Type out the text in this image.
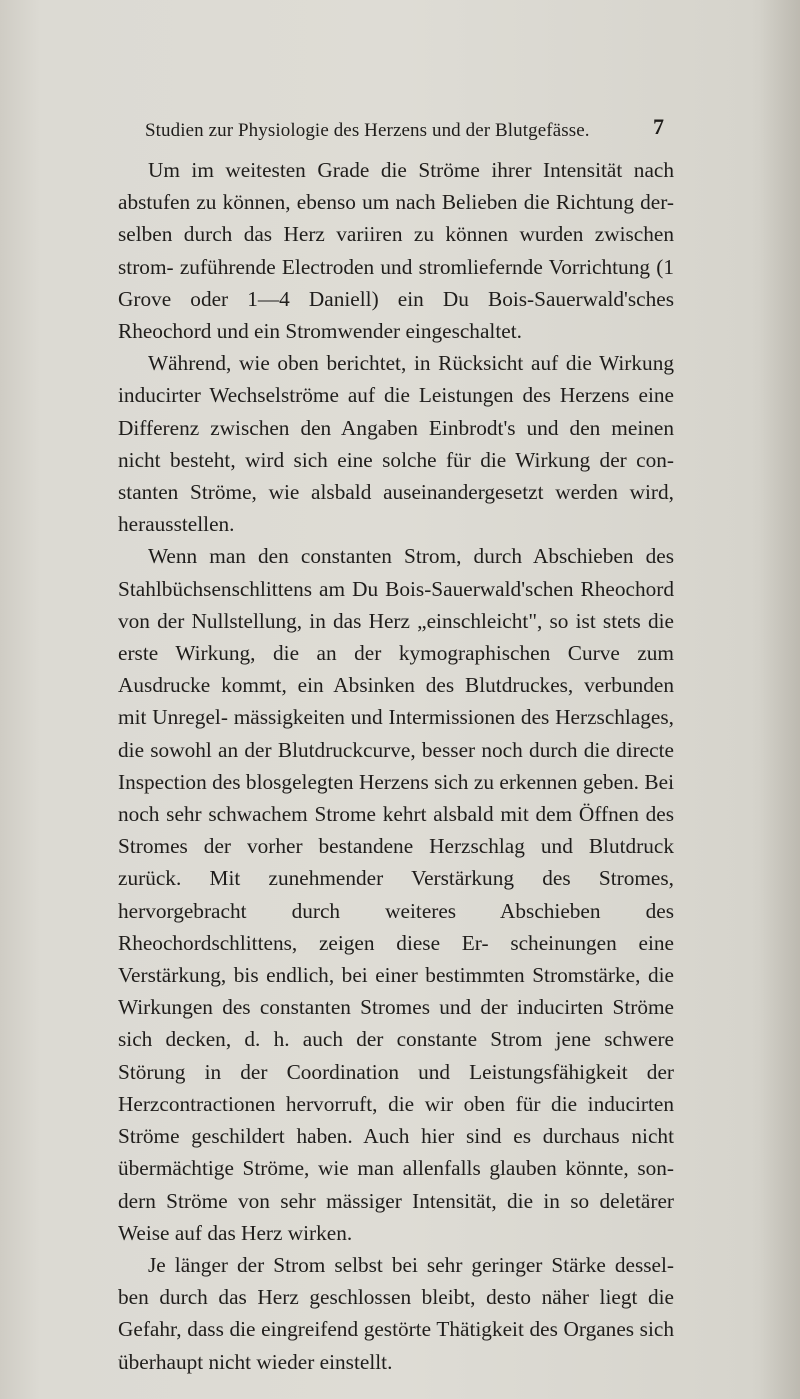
Studien zur Physiologie des Herzens und der Blutgefässe.	7

Um im weitesten Grade die Ströme ihrer Intensität nach abstufen zu können, ebenso um nach Belieben die Richtung der- selben durch das Herz variiren zu können wurden zwischen strom- zuführende Electroden und stromliefernde Vorrichtung (1 Grove oder 1—4 Daniell) ein Du Bois-Sauerwald'sches Rheochord und ein Stromwender eingeschaltet.

Während, wie oben berichtet, in Rücksicht auf die Wirkung inducirter Wechselströme auf die Leistungen des Herzens eine Differenz zwischen den Angaben Einbrodt's und den meinen nicht besteht, wird sich eine solche für die Wirkung der con- stanten Ströme, wie alsbald auseinandergesetzt werden wird, herausstellen.

Wenn man den constanten Strom, durch Abschieben des Stahlbüchsenschlittens am Du Bois-Sauerwald'schen Rheochord von der Nullstellung, in das Herz „einschleicht", so ist stets die erste Wirkung, die an der kymographischen Curve zum Ausdrucke kommt, ein Absinken des Blutdruckes, verbunden mit Unregel- mässigkeiten und Intermissionen des Herzschlages, die sowohl an der Blutdruckcurve, besser noch durch die directe Inspection des blosgelegten Herzens sich zu erkennen geben. Bei noch sehr schwachem Strome kehrt alsbald mit dem Öffnen des Stromes der vorher bestandene Herzschlag und Blutdruck zurück. Mit zunehmender Verstärkung des Stromes, hervorgebracht durch weiteres Abschieben des Rheochordschlittens, zeigen diese Er- scheinungen eine Verstärkung, bis endlich, bei einer bestimmten Stromstärke, die Wirkungen des constanten Stromes und der inducirten Ströme sich decken, d. h. auch der constante Strom jene schwere Störung in der Coordination und Leistungsfähigkeit der Herzcontractionen hervorruft, die wir oben für die inducirten Ströme geschildert haben. Auch hier sind es durchaus nicht übermächtige Ströme, wie man allenfalls glauben könnte, son- dern Ströme von sehr mässiger Intensität, die in so deletärer Weise auf das Herz wirken.

Je länger der Strom selbst bei sehr geringer Stärke dessel- ben durch das Herz geschlossen bleibt, desto näher liegt die Gefahr, dass die eingreifend gestörte Thätigkeit des Organes sich überhaupt nicht wieder einstellt.
